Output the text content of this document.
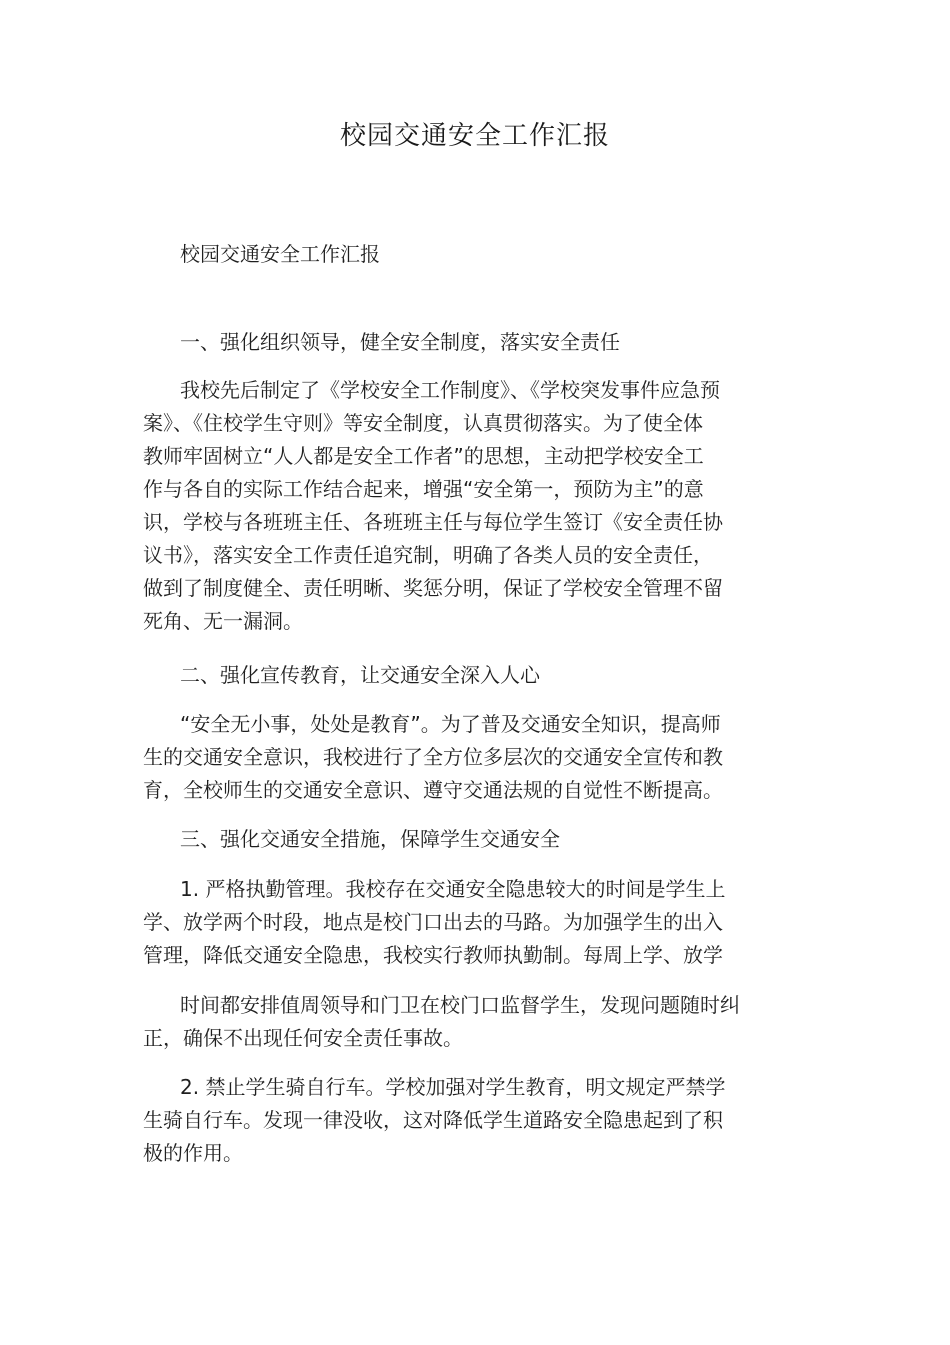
校园交通安全工作汇报
校园交通安全工作汇报
一、强化组织领导，健全安全制度，落实安全责任
我校先后制定了《学校安全工作制度》、《学校突发事件应急预
案》、《住校学生守则》等安全制度，认真贯彻落实。为了使全体
教师牢固树立“人人都是安全工作者”的思想，主动把学校安全工
作与各自的实际工作结合起来，增强“安全第一，预防为主”的意
识，学校与各班班主任、各班班主任与每位学生签订《安全责任协
议书》，落实安全工作责任追究制，明确了各类人员的安全责任，
做到了制度健全、责任明晰、奖惩分明，保证了学校安全管理不留
死角、无一漏洞。
二、强化宣传教育，让交通安全深入人心
“安全无小事，处处是教育”。为了普及交通安全知识，提高师
生的交通安全意识，我校进行了全方位多层次的交通安全宣传和教
育，全校师生的交通安全意识、遵守交通法规的自觉性不断提高。
三、强化交通安全措施，保障学生交通安全
1. 严格执勤管理。我校存在交通安全隐患较大的时间是学生上
学、放学两个时段，地点是校门口出去的马路。为加强学生的出入
管理，降低交通安全隐患，我校实行教师执勤制。每周上学、放学
时间都安排值周领导和门卫在校门口监督学生，发现问题随时纠
正，确保不出现任何安全责任事故。
2. 禁止学生骑自行车。学校加强对学生教育，明文规定严禁学
生骑自行车。发现一律没收，这对降低学生道路安全隐患起到了积
极的作用。
